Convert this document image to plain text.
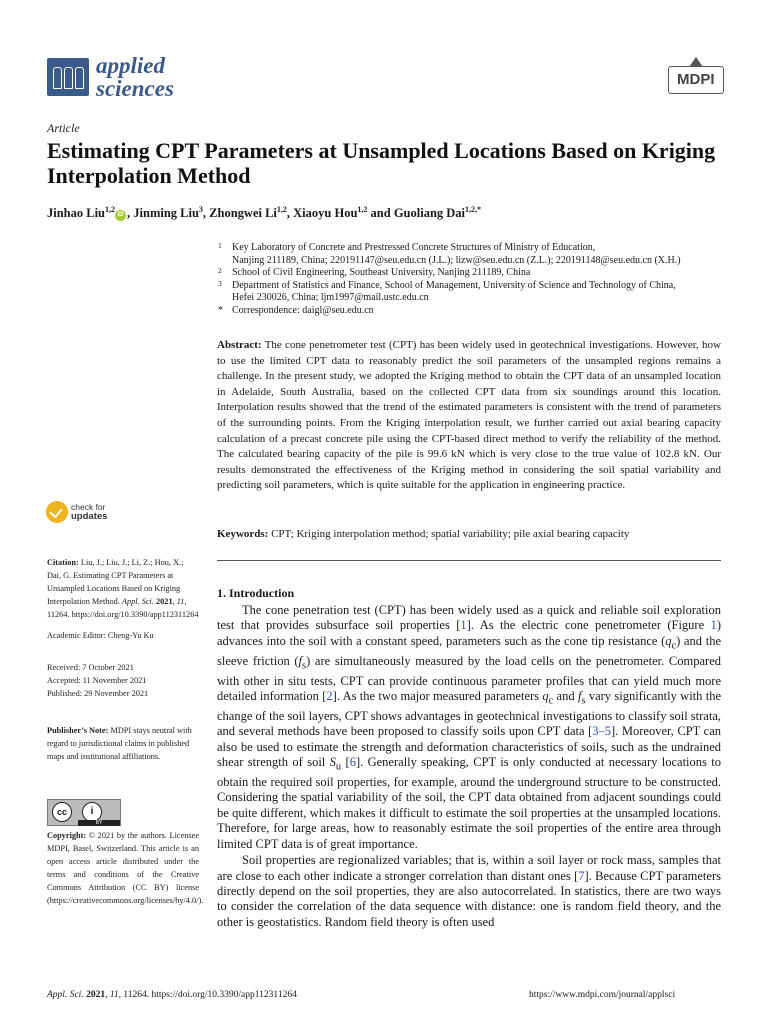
applied
sciences	MDPI
Article
Estimating CPT Parameters at Unsampled Locations Based on Kriging Interpolation Method
Jinhao Liu$^{1,2}$iD , Jinming Liu$^3$, Zhongwei Li$^{1,2}$, Xiaoyu Hou$^{1,2}$ and Guoliang Dai$^{1,2,*}$
1 Key Laboratory of Concrete and Prestressed Concrete Structures of Ministry of Education,
Nanjing 211189, China; 220191147@seu.edu.cn (J.L.); lizw@seu.edu.cn (Z.L.); 220191148@seu.edu.cn (X.H.)
2 School of Civil Engineering, Southeast University, Nanjing 211189, China
3 Department of Statistics and Finance, School of Management, University of Science and Technology of China,
Hefei 230026, China; ljm1997@mail.ustc.edu.cn
* Correspondence: daigl@seu.edu.cn
Abstract: The cone penetrometer test (CPT) has been widely used in geotechnical investigations. However, how to use the limited CPT data to reasonably predict the soil parameters of the unsampled regions remains a challenge. In the present study, we adopted the Kriging method to obtain the CPT data of an unsampled location in Adelaide, South Australia, based on the collected CPT data from six soundings around this location. Interpolation results showed that the trend of the estimated parameters is consistent with the trend of parameters of the surrounding points. From the Kriging interpolation result, we further carried out axial bearing capacity calculation of a precast concrete pile using the CPT-based direct method to verify the reliability of the method. The calculated bearing capacity of the pile is 99.6 kN which is very close to the true value of 102.8 kN. Our results demonstrated the effectiveness of the Kriging method in considering the soil spatial variability and predicting soil parameters, which is quite suitable for the application in engineering practice.
Keywords: CPT; Kriging interpolation method; spatial variability; pile axial bearing capacity
check for
updates

Citation: Liu, J.; Liu, J.; Li, Z.; Hou, X.; Dai, G. Estimating CPT Parameters at Unsampled Locations Based on Kriging Interpolation Method. Appl. Sci. 2021, 11, 11264. https://doi.org/10.3390/app112311264

Academic Editor: Cheng-Yu Ku

Received: 7 October 2021

Accepted: 11 November 2021

Published: 29 November 2021

Publisher’s Note: MDPI stays neutral with regard to jurisdictional claims in published maps and institutional affiliations.

cc	i
BY

Copyright: © 2021 by the authors. Licensee MDPI, Basel, Switzerland. This article is an open access article distributed under the terms and conditions of the Creative Commons Attribution (CC BY) license (https://creativecommons.org/licenses/by/4.0/).

1. Introduction

The cone penetration test (CPT) has been widely used as a quick and reliable soil exploration test that provides subsurface soil properties [1]. As the electric cone penetrometer (Figure 1) advances into the soil with a constant speed, parameters such as the cone tip resistance $(q_c)$ and the sleeve friction $(f_s)$ are simultaneously measured by the load cells on the penetrometer. Compared with other in situ tests, CPT can provide continuous parameter profiles that can yield much more detailed information [2]. As the two major measured parameters $q_c$ and $f_s$ vary significantly with the change of the soil layers, CPT shows advantages in geotechnical investigations to classify soil strata, and several methods have been proposed to classify soils upon CPT data [3–5]. Moreover, CPT can also be used to estimate the strength and deformation characteristics of soils, such as the undrained shear strength of soil $S_u$ [6]. Generally speaking, CPT is only conducted at necessary locations to obtain the required soil properties, for example, around the underground structure to be constructed. Considering the spatial variability of the soil, the CPT data obtained from adjacent soundings could be quite different, which makes it difficult to estimate the soil properties at the unsampled locations. Therefore, for large areas, how to reasonably estimate the soil properties of the entire area through limited CPT data is of great importance.

Soil properties are regionalized variables; that is, within a soil layer or rock mass, samples that are close to each other indicate a stronger correlation than distant ones [7]. Because CPT parameters directly depend on the soil properties, they are also autocorrelated. In statistics, there are two ways to consider the correlation of the data sequence with distance: one is random field theory, and the other is geostatistics. Random field theory is often used

Appl. Sci. 2021, 11, 11264. https://doi.org/10.3390/app112311264	https://www.mdpi.com/journal/applsci
